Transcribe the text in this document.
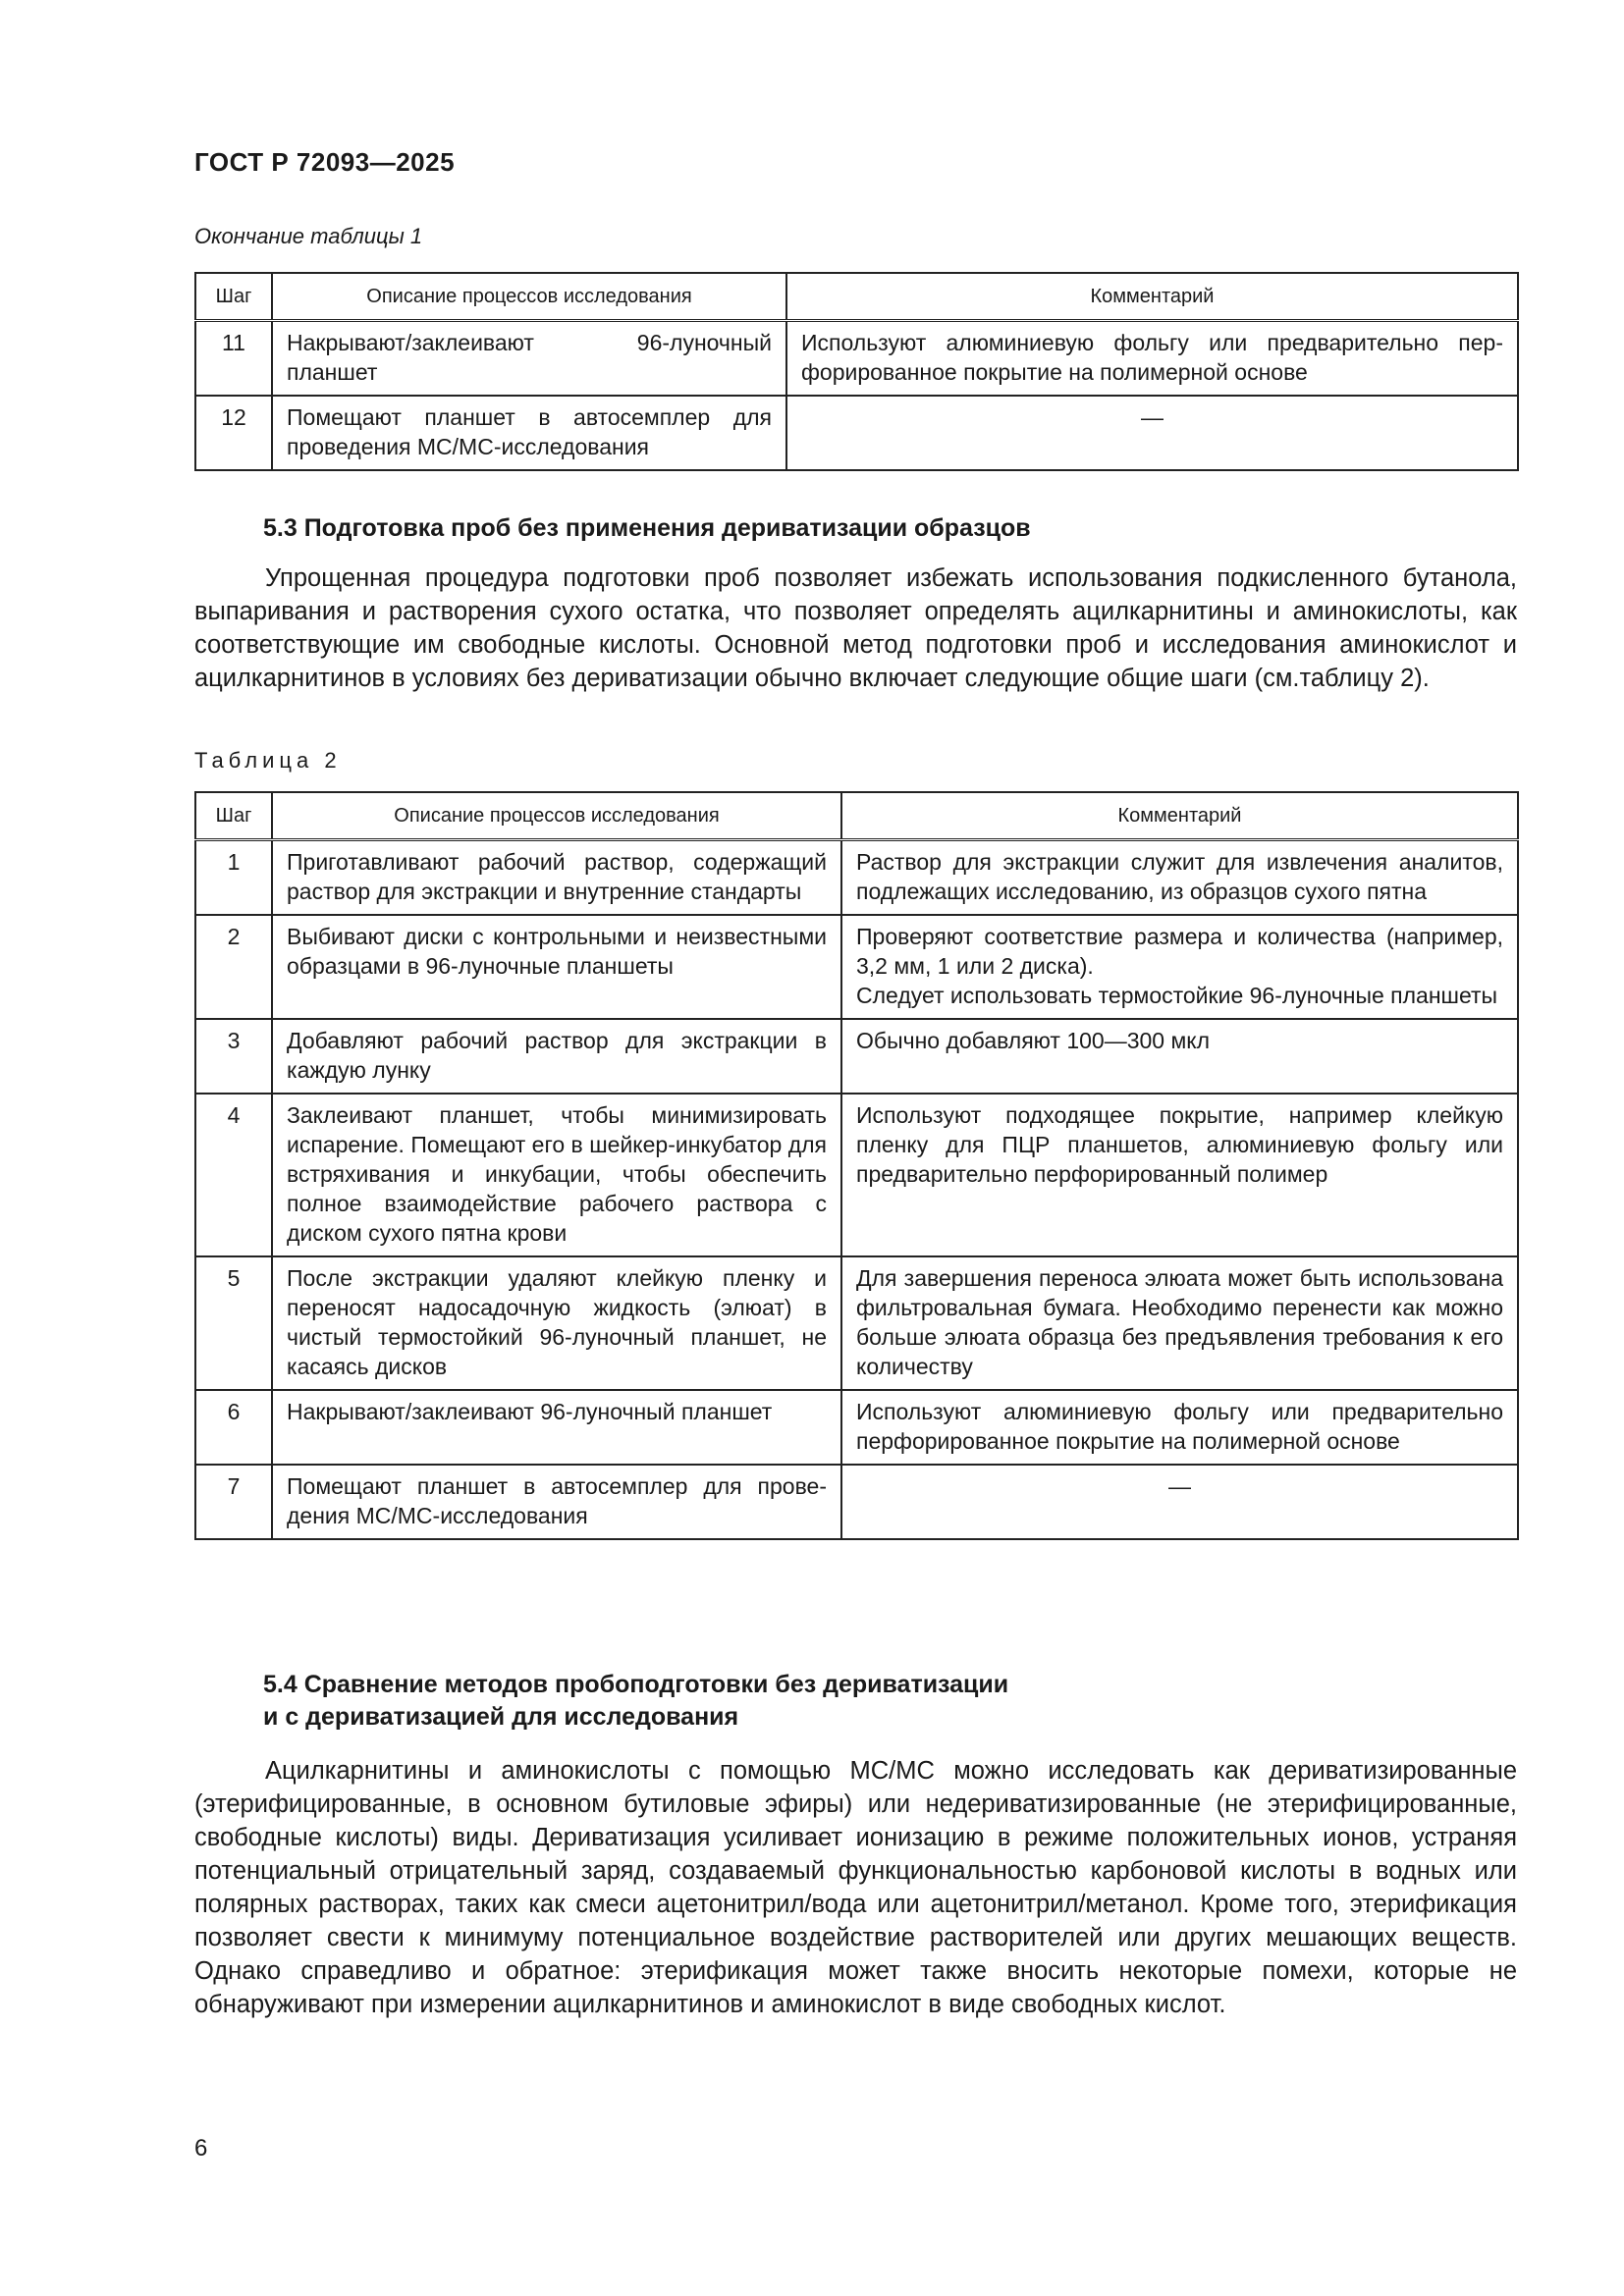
ГОСТ Р 72093—2025
Окончание таблицы 1
Шаг	Описание процессов исследования	Комментарий
11	Накрывают/заклеивают 96-луночный планшет	Используют алюминиевую фольгу или предварительно перфорированное покрытие на полимерной основе
12	Помещают планшет в автосемплер для проведения МС/МС-исследования	—
5.3 Подготовка проб без применения дериватизации образцов
Упрощенная процедура подготовки проб позволяет избежать использования подкисленного бутанола, выпаривания и растворения сухого остатка, что позволяет определять ацилкарнитины и аминокислоты, как соответствующие им свободные кислоты. Основной метод подготовки проб и исследования аминокислот и ацилкарнитинов в условиях без дериватизации обычно включает следующие общие шаги (см.таблицу 2).
Таблица 2
Шаг	Описание процессов исследования	Комментарий
1	Приготавливают рабочий раствор, содержащий раствор для экстракции и внутренние стандарты	Раствор для экстракции служит для извлечения аналитов, подлежащих исследованию, из образцов сухого пятна
2	Выбивают диски с контрольными и неизвестными образцами в 96-луночные планшеты	Проверяют соответствие размера и количества (например, 3,2 мм, 1 или 2 диска).
Следует использовать термостойкие 96-луночные планшеты

3	Добавляют рабочий раствор для экстракции в каждую лунку	Обычно добавляют 100—300 мкл
4	Заклеивают планшет, чтобы минимизировать испарение. Помещают его в шейкер-инкубатор для встряхивания и инкубации, чтобы обеспечить полное взаимодействие рабочего раствора с диском сухого пятна крови	Используют подходящее покрытие, например клейкую пленку для ПЦР планшетов, алюминиевую фольгу или предварительно перфорированный полимер
5	После экстракции удаляют клейкую пленку и переносят надосадочную жидкость (элюат) в чистый термостойкий 96-луночный планшет, не касаясь дисков	Для завершения переноса элюата может быть использована фильтровальная бумага. Необходимо перенести как можно больше элюата образца без предъявления требования к его количеству
6	Накрывают/заклеивают 96-луночный планшет	Используют алюминиевую фольгу или предварительно перфорированное покрытие на полимерной основе
7	Помещают планшет в автосемплер для проведения МС/МС-исследования	—
5.4 Сравнение методов пробоподготовки без дериватизации
и с дериватизацией для исследования
Ацилкарнитины и аминокислоты с помощью МС/МС можно исследовать как дериватизированные (этерифицированные, в основном бутиловые эфиры) или недериватизированные (не этерифицированные, свободные кислоты) виды. Дериватизация усиливает ионизацию в режиме положительных ионов, устраняя потенциальный отрицательный заряд, создаваемый функциональностью карбоновой кислоты в водных или полярных растворах, таких как смеси ацетонитрил/вода или ацетонитрил/метанол. Кроме того, этерификация позволяет свести к минимуму потенциальное воздействие растворителей или других мешающих веществ. Однако справедливо и обратное: этерификация может также вносить некоторые помехи, которые не обнаруживают при измерении ацилкарнитинов и аминокислот в виде свободных кислот.
6
